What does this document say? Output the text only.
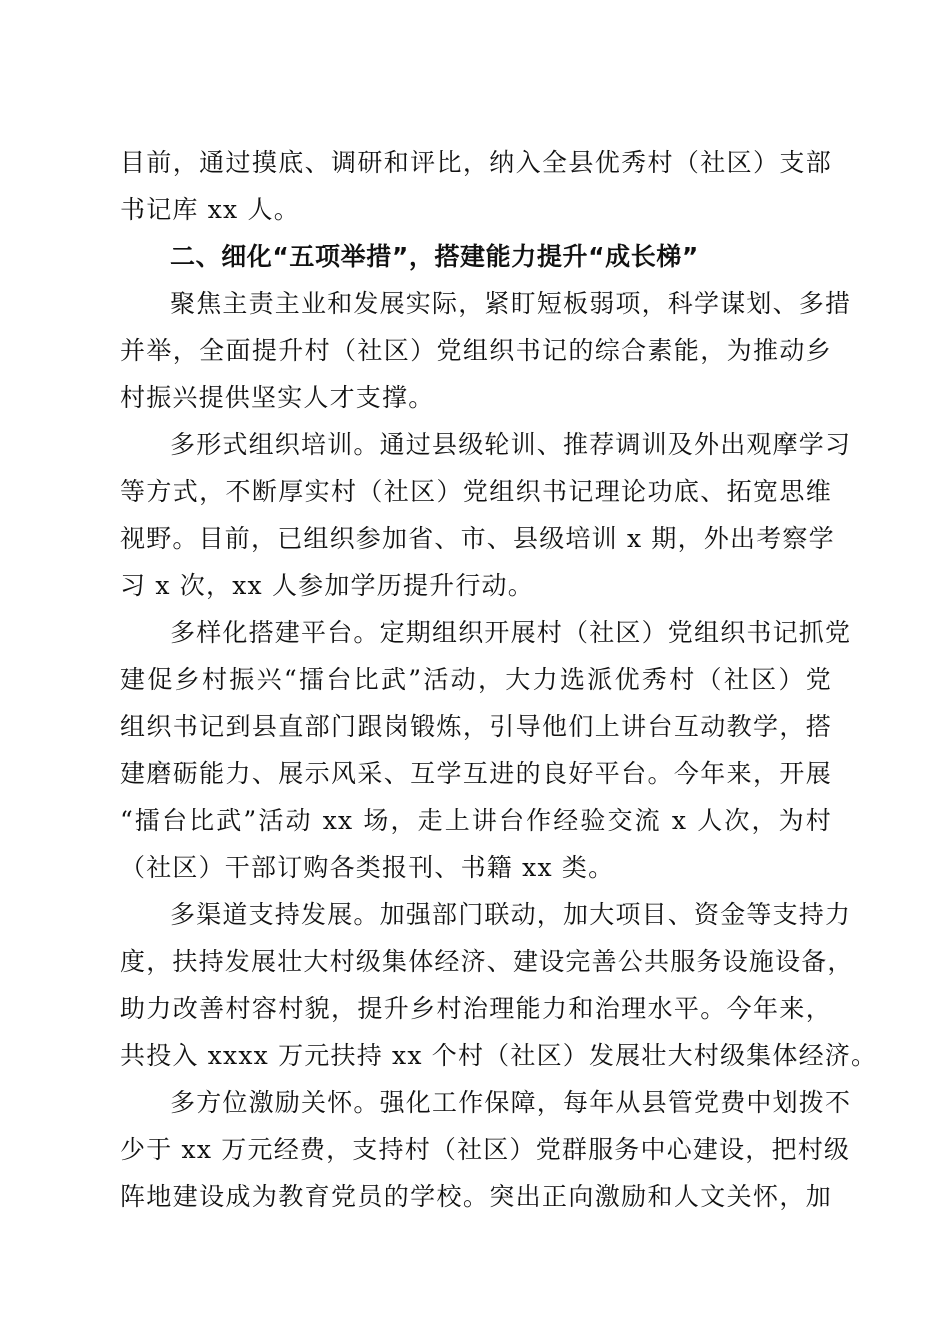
目前，通过摸底、调研和评比，纳入全县优秀村（社区）支部
书记库 xx 人。
二、细化“五项举措”，搭建能力提升“成长梯”
聚焦主责主业和发展实际，紧盯短板弱项，科学谋划、多措
并举，全面提升村（社区）党组织书记的综合素能，为推动乡
村振兴提供坚实人才支撑。
多形式组织培训。通过县级轮训、推荐调训及外出观摩学习
等方式，不断厚实村（社区）党组织书记理论功底、拓宽思维
视野。目前，已组织参加省、市、县级培训 x 期，外出考察学
习 x 次，xx 人参加学历提升行动。
多样化搭建平台。定期组织开展村（社区）党组织书记抓党
建促乡村振兴“擂台比武”活动，大力选派优秀村（社区）党
组织书记到县直部门跟岗锻炼，引导他们上讲台互动教学，搭
建磨砺能力、展示风采、互学互进的良好平台。今年来，开展
“擂台比武”活动 xx 场，走上讲台作经验交流 x 人次，为村
（社区）干部订购各类报刊、书籍 xx 类。
多渠道支持发展。加强部门联动，加大项目、资金等支持力
度，扶持发展壮大村级集体经济、建设完善公共服务设施设备，
助力改善村容村貌，提升乡村治理能力和治理水平。今年来，
共投入 xxxx 万元扶持 xx 个村（社区）发展壮大村级集体经济。
多方位激励关怀。强化工作保障，每年从县管党费中划拨不
少于 xx 万元经费，支持村（社区）党群服务中心建设，把村级
阵地建设成为教育党员的学校。突出正向激励和人文关怀，加
